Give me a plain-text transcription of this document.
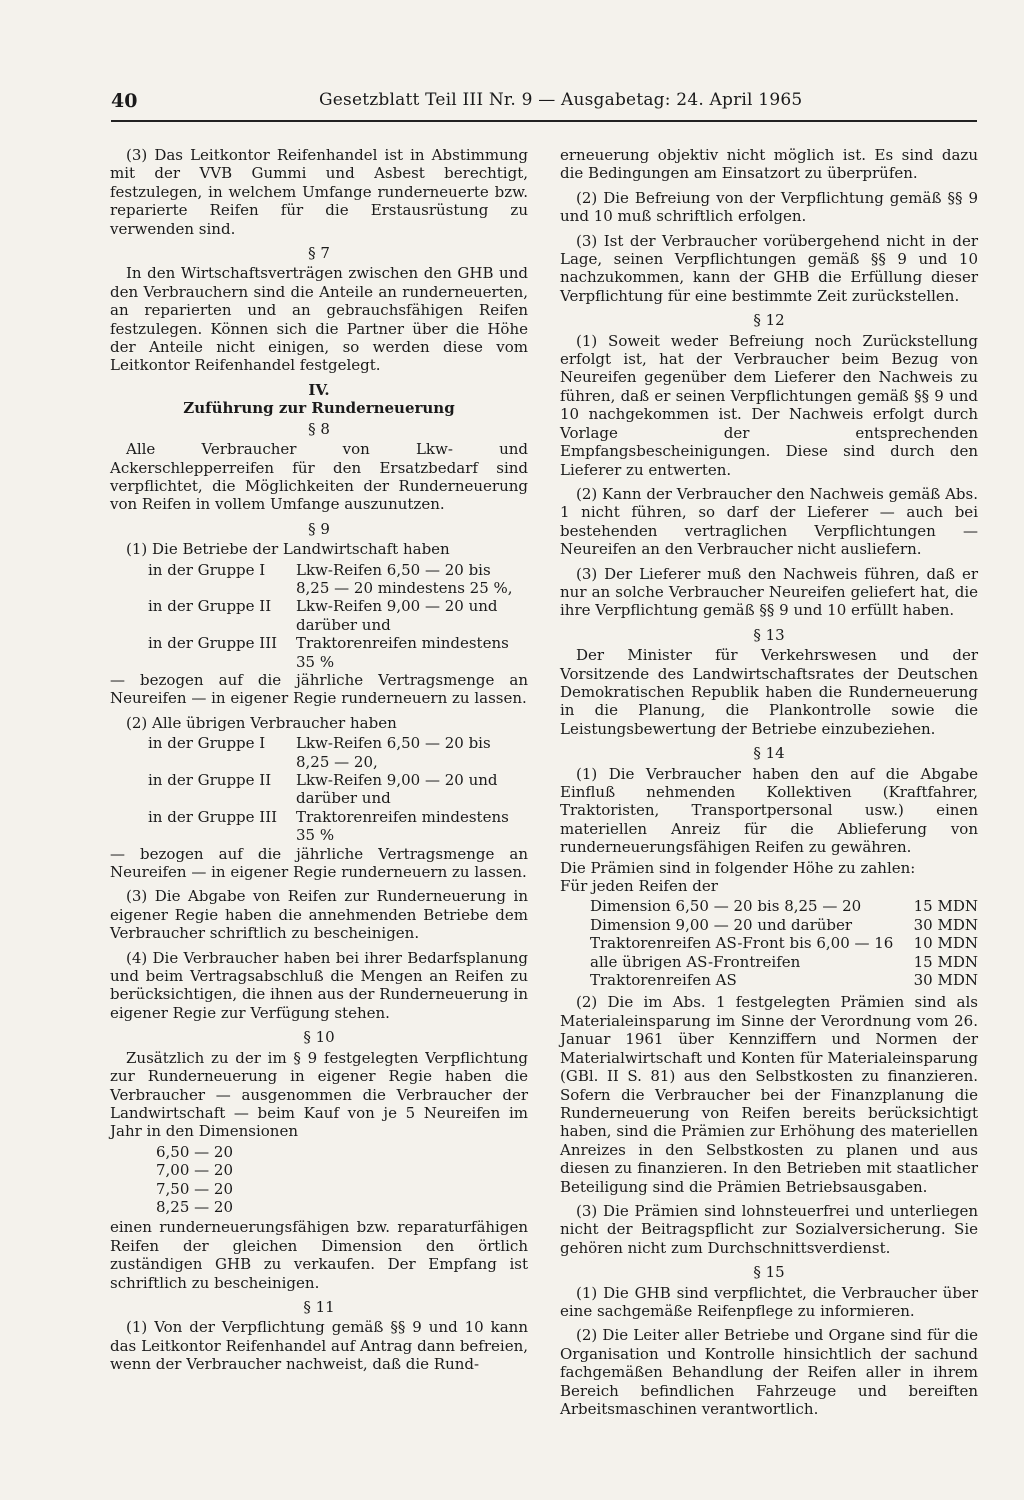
40	Gesetzblatt Teil III Nr. 9 — Ausgabetag: 24. April 1965

(3) Das Leitkontor Reifenhandel ist in Abstimmung mit der VVB Gummi und Asbest berechtigt, festzulegen, in welchem Umfange runderneuerte bzw. reparierte Reifen für die Erstausrüstung zu verwenden sind.

§ 7

In den Wirtschaftsverträgen zwischen den GHB und den Verbrauchern sind die Anteile an runderneuerten, an reparierten und an gebrauchsfähigen Reifen festzulegen. Können sich die Partner über die Höhe der Anteile nicht einigen, so werden diese vom Leitkontor Reifenhandel festgelegt.

IV.
Zuführung zur Runderneuerung
§ 8

Alle Verbraucher von Lkw- und Ackerschlepperreifen für den Ersatzbedarf sind verpflichtet, die Möglichkeiten der Runderneuerung von Reifen in vollem Umfange auszunutzen.

§ 9

(1) Die Betriebe der Landwirtschaft haben

in der Gruppe I	Lkw-Reifen 6,50 — 20 bis 8,25 — 20 mindestens 25 %,
in der Gruppe II	Lkw-Reifen 9,00 — 20 und darüber und
in der Gruppe III	Traktorenreifen mindestens 35 %

— bezogen auf die jährliche Vertragsmenge an Neureifen — in eigener Regie runderneuern zu lassen.

(2) Alle übrigen Verbraucher haben

in der Gruppe I	Lkw-Reifen 6,50 — 20 bis 8,25 — 20,
in der Gruppe II	Lkw-Reifen 9,00 — 20 und darüber und
in der Gruppe III	Traktorenreifen mindestens 35 %

— bezogen auf die jährliche Vertragsmenge an Neureifen — in eigener Regie runderneuern zu lassen.

(3) Die Abgabe von Reifen zur Runderneuerung in eigener Regie haben die annehmenden Betriebe dem Verbraucher schriftlich zu bescheinigen.

(4) Die Verbraucher haben bei ihrer Bedarfsplanung und beim Vertragsabschluß die Mengen an Reifen zu berücksichtigen, die ihnen aus der Runderneuerung in eigener Regie zur Verfügung stehen.

§ 10

Zusätzlich zu der im § 9 festgelegten Verpflichtung zur Runderneuerung in eigener Regie haben die Verbraucher — ausgenommen die Verbraucher der Landwirtschaft — beim Kauf von je 5 Neureifen im Jahr in den Dimensionen

6,50 — 20
7,00 — 20
7,50 — 20
8,25 — 20

einen runderneuerungsfähigen bzw. reparaturfähigen Reifen der gleichen Dimension den örtlich zuständigen GHB zu verkaufen. Der Empfang ist schriftlich zu bescheinigen.

§ 11

(1) Von der Verpflichtung gemäß §§ 9 und 10 kann das Leitkontor Reifenhandel auf Antrag dann befreien, wenn der Verbraucher nachweist, daß die Rund-

erneuerung objektiv nicht möglich ist. Es sind dazu die Bedingungen am Einsatzort zu überprüfen.

(2) Die Befreiung von der Verpflichtung gemäß §§ 9 und 10 muß schriftlich erfolgen.

(3) Ist der Verbraucher vorübergehend nicht in der Lage, seinen Verpflichtungen gemäß §§ 9 und 10 nachzukommen, kann der GHB die Erfüllung dieser Verpflichtung für eine bestimmte Zeit zurückstellen.

§ 12

(1) Soweit weder Befreiung noch Zurückstellung erfolgt ist, hat der Verbraucher beim Bezug von Neureifen gegenüber dem Lieferer den Nachweis zu führen, daß er seinen Verpflichtungen gemäß §§ 9 und 10 nachgekommen ist. Der Nachweis erfolgt durch Vorlage der entsprechenden Empfangsbescheinigungen. Diese sind durch den Lieferer zu entwerten.

(2) Kann der Verbraucher den Nachweis gemäß Abs. 1 nicht führen, so darf der Lieferer — auch bei bestehenden vertraglichen Verpflichtungen — Neureifen an den Verbraucher nicht ausliefern.

(3) Der Lieferer muß den Nachweis führen, daß er nur an solche Verbraucher Neureifen geliefert hat, die ihre Verpflichtung gemäß §§ 9 und 10 erfüllt haben.

§ 13

Der Minister für Verkehrswesen und der Vorsitzende des Landwirtschaftsrates der Deutschen Demokratischen Republik haben die Runderneuerung in die Planung, die Plankontrolle sowie die Leistungsbewertung der Betriebe einzubeziehen.

§ 14

(1) Die Verbraucher haben den auf die Abgabe Einfluß nehmenden Kollektiven (Kraftfahrer, Traktoristen, Transportpersonal usw.) einen materiellen Anreiz für die Ablieferung von runderneuerungsfähigen Reifen zu gewähren.

Die Prämien sind in folgender Höhe zu zahlen:

Für jeden Reifen der

Dimension 6,50 — 20 bis 8,25 — 20	15 MDN
Dimension 9,00 — 20 und darüber	30 MDN
Traktorenreifen AS-Front bis 6,00 — 16	10 MDN
alle übrigen AS-Frontreifen	15 MDN
Traktorenreifen AS	30 MDN

(2) Die im Abs. 1 festgelegten Prämien sind als Materialeinsparung im Sinne der Verordnung vom 26. Januar 1961 über Kennziffern und Normen der Materialwirtschaft und Konten für Materialeinsparung (GBl. II S. 81) aus den Selbstkosten zu finanzieren. Sofern die Verbraucher bei der Finanzplanung die Runderneuerung von Reifen bereits berücksichtigt haben, sind die Prämien zur Erhöhung des materiellen Anreizes in den Selbstkosten zu planen und aus diesen zu finanzieren. In den Betrieben mit staatlicher Beteiligung sind die Prämien Betriebsausgaben.

(3) Die Prämien sind lohnsteuerfrei und unterliegen nicht der Beitragspflicht zur Sozialversicherung. Sie gehören nicht zum Durchschnittsverdienst.

§ 15

(1) Die GHB sind verpflichtet, die Verbraucher über eine sachgemäße Reifenpflege zu informieren.

(2) Die Leiter aller Betriebe und Organe sind für die Organisation und Kontrolle hinsichtlich der sachund fachgemäßen Behandlung der Reifen aller in ihrem Bereich befindlichen Fahrzeuge und bereiften Arbeitsmaschinen verantwortlich.
